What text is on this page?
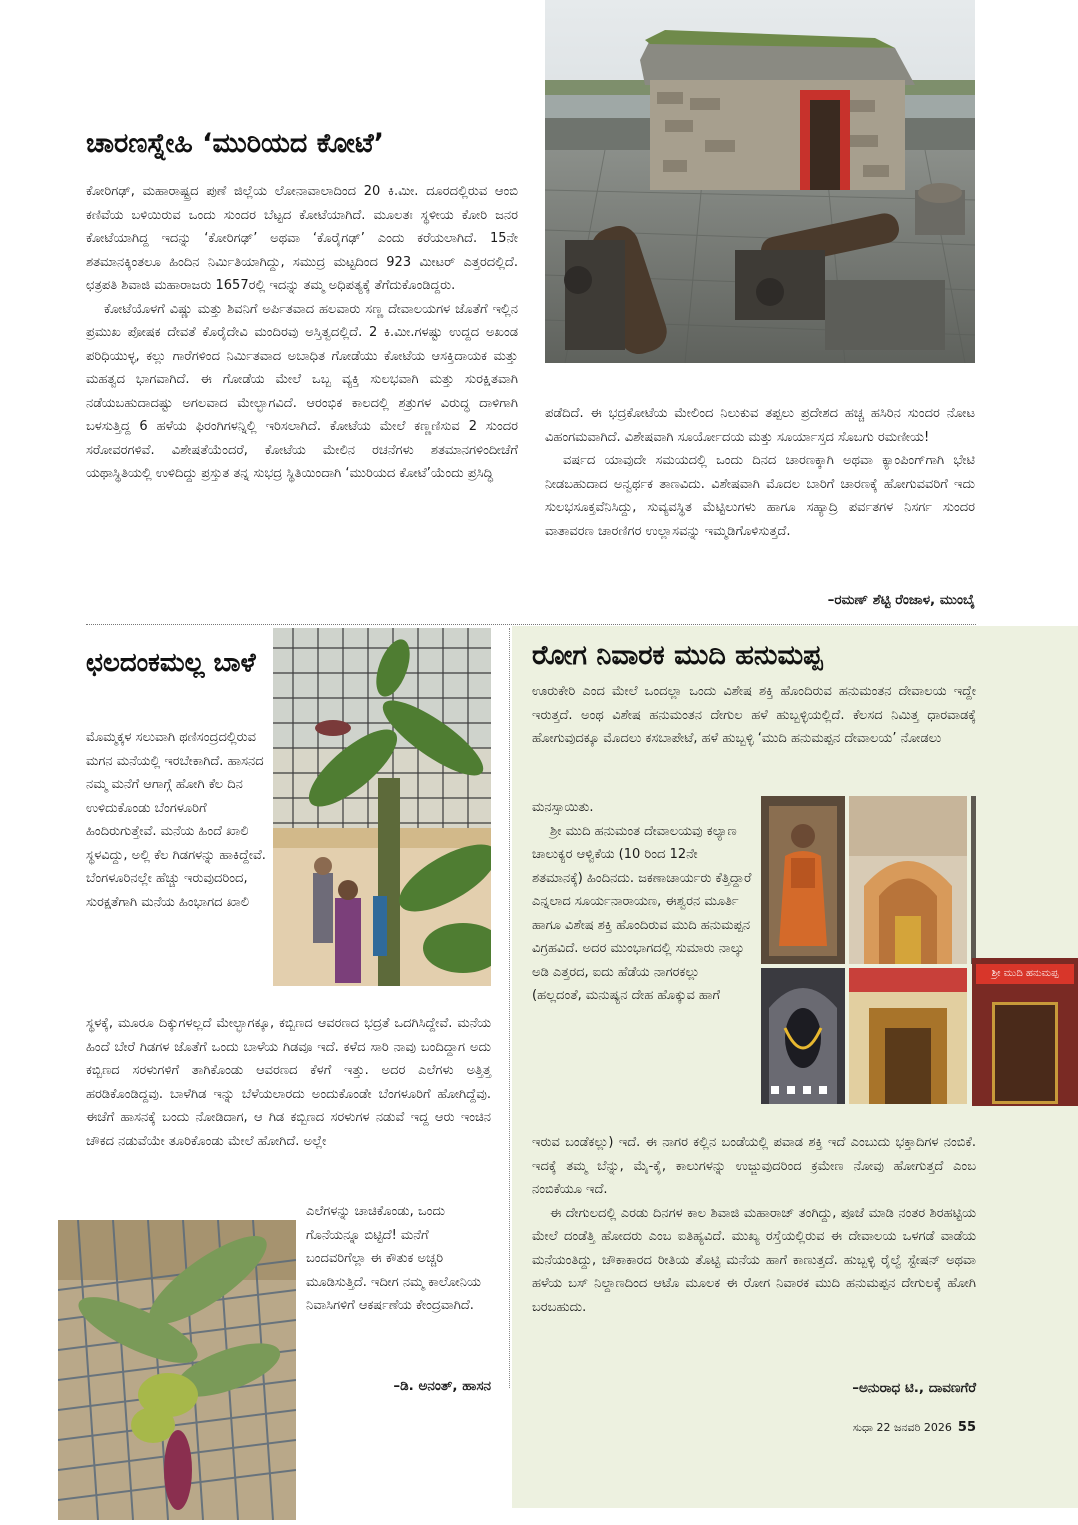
ಚಾರಣಸ್ನೇಹಿ ‘ಮುರಿಯದ ಕೋಟೆ’

ಕೋರಿಗಢ್, ಮಹಾರಾಷ್ಟ್ರದ ಪುಣೆ ಜಿಲ್ಲೆಯ ಲೋನಾವಾಲಾದಿಂದ 20 ಕಿ.ಮೀ. ದೂರದಲ್ಲಿರುವ ಆಂಬಿ ಕಣಿವೆಯ ಬಳಿಯಿರುವ ಒಂದು ಸುಂದರ ಬೆಟ್ಟದ ಕೋಟೆಯಾಗಿದೆ. ಮೂಲತಃ ಸ್ಥಳೀಯ ಕೋರಿ ಜನರ ಕೋಟೆಯಾಗಿದ್ದ ಇದನ್ನು ‘ಕೋರಿಗಢ್’ ಅಥವಾ ‘ಕೊರೈಗಢ್’ ಎಂದು ಕರೆಯಲಾಗಿದೆ. 15ನೇ ಶತಮಾನಕ್ಕಿಂತಲೂ ಹಿಂದಿನ ನಿರ್ಮಿತಿಯಾಗಿದ್ದು, ಸಮುದ್ರ ಮಟ್ಟದಿಂದ 923 ಮೀಟರ್ ಎತ್ತರದಲ್ಲಿದೆ. ಛತ್ರಪತಿ ಶಿವಾಜಿ ಮಹಾರಾಜರು 1657ರಲ್ಲಿ ಇದನ್ನು ತಮ್ಮ ಅಧಿಪತ್ಯಕ್ಕೆ ತೆಗೆದುಕೊಂಡಿದ್ದರು.

ಕೋಟೆಯೊಳಗೆ ವಿಷ್ಣು ಮತ್ತು ಶಿವನಿಗೆ ಅರ್ಪಿತವಾದ ಹಲವಾರು ಸಣ್ಣ ದೇವಾಲಯಗಳ ಜೊತೆಗೆ ಇಲ್ಲಿನ ಪ್ರಮುಖ ಪೋಷಕ ದೇವತೆ ಕೊರೈದೇವಿ ಮಂದಿರವು ಅಸ್ತಿತ್ವದಲ್ಲಿದೆ. 2 ಕಿ.ಮೀ.ಗಳಷ್ಟು ಉದ್ದದ ಅಖಂಡ ಪರಿಧಿಯುಳ್ಳ, ಕಲ್ಲು ಗಾರೆಗಳಿಂದ ನಿರ್ಮಿತವಾದ ಅಬಾಧಿತ ಗೋಡೆಯು ಕೋಟೆಯ ಆಸಕ್ತಿದಾಯಕ ಮತ್ತು ಮಹತ್ವದ ಭಾಗವಾಗಿದೆ. ಈ ಗೋಡೆಯ ಮೇಲೆ ಒಬ್ಬ ವ್ಯಕ್ತಿ ಸುಲಭವಾಗಿ ಮತ್ತು ಸುರಕ್ಷಿತವಾಗಿ ನಡೆಯಬಹುದಾದಷ್ಟು ಅಗಲವಾದ ಮೇಲ್ಭಾಗವಿದೆ. ಆರಂಭಿಕ ಕಾಲದಲ್ಲಿ ಶತ್ರುಗಳ ವಿರುದ್ಧ ದಾಳಿಗಾಗಿ ಬಳಸುತ್ತಿದ್ದ 6 ಹಳೆಯ ಫಿರಂಗಿಗಳನ್ನಿಲ್ಲಿ ಇರಿಸಲಾಗಿದೆ. ಕೋಟೆಯ ಮೇಲೆ ಕಣ್ಣಣಿಸುವ 2 ಸುಂದರ ಸರೋವರಗಳಿವೆ. ವಿಶೇಷತೆಯೆಂದರೆ, ಕೋಟೆಯ ಮೇಲಿನ ರಚನೆಗಳು ಶತಮಾನಗಳಿಂದೀಚೆಗೆ ಯಥಾಸ್ಥಿತಿಯಲ್ಲಿ ಉಳಿದಿದ್ದು ಪ್ರಸ್ತುತ ತನ್ನ ಸುಭದ್ರ ಸ್ಥಿತಿಯಿಂದಾಗಿ ‘ಮುರಿಯದ ಕೋಟೆ’ಯೆಂದು ಪ್ರಸಿದ್ಧಿ

ಪಡೆದಿದೆ. ಈ ಭದ್ರಕೋಟೆಯ ಮೇಲಿಂದ ನಿಲುಕುವ ತಪ್ಪಲು ಪ್ರದೇಶದ ಹಚ್ಚ ಹಸಿರಿನ ಸುಂದರ ನೋಟ ವಿಹಂಗಮವಾಗಿದೆ. ವಿಶೇಷವಾಗಿ ಸೂರ್ಯೋದಯ ಮತ್ತು ಸೂರ್ಯಾಸ್ತದ ಸೊಬಗು ರಮಣೀಯ!

ವರ್ಷದ ಯಾವುದೇ ಸಮಯದಲ್ಲಿ ಒಂದು ದಿನದ ಚಾರಣಕ್ಕಾಗಿ ಅಥವಾ ಕ್ಯಾಂಪಿಂಗ್‌ಗಾಗಿ ಭೇಟಿ ನೀಡಬಹುದಾದ ಅನ್ವರ್ಥಕ ತಾಣವಿದು. ವಿಶೇಷವಾಗಿ ಮೊದಲ ಬಾರಿಗೆ ಚಾರಣಕ್ಕೆ ಹೋಗುವವರಿಗೆ ಇದು ಸುಲಭಸೂಕ್ತವೆನಿಸಿದ್ದು, ಸುವ್ಯವಸ್ಥಿತ ಮೆಟ್ಟಿಲುಗಳು ಹಾಗೂ ಸಹ್ಯಾದ್ರಿ ಪರ್ವತಗಳ ನಿಸರ್ಗ ಸುಂದರ ವಾತಾವರಣ ಚಾರಣಿಗರ ಉಲ್ಲಾಸವನ್ನು ಇಮ್ಮಡಿಗೊಳಿಸುತ್ತದೆ.

–ರಮಣ್ ಶೆಟ್ಟಿ ರೆಂಜಾಳ, ಮುಂಬೈ
ಛಲದಂಕಮಲ್ಲ ಬಾಳೆ

ಮೊಮ್ಮಕ್ಕಳ ಸಲುವಾಗಿ ಥಣಿಸಂದ್ರದಲ್ಲಿರುವ ಮಗನ ಮನೆಯಲ್ಲಿ ಇರಬೇಕಾಗಿದೆ. ಹಾಸನದ ನಮ್ಮ ಮನೆಗೆ ಆಗಾಗ್ಗೆ ಹೋಗಿ ಕೆಲ ದಿನ ಉಳಿದುಕೊಂಡು ಬೆಂಗಳೂರಿಗೆ ಹಿಂದಿರುಗುತ್ತೇವೆ. ಮನೆಯ ಹಿಂದೆ ಖಾಲಿ ಸ್ಥಳವಿದ್ದು, ಅಲ್ಲಿ ಕೆಲ ಗಿಡಗಳನ್ನು ಹಾಕಿದ್ದೇವೆ. ಬೆಂಗಳೂರಿನಲ್ಲೇ ಹೆಚ್ಚು ಇರುವುದರಿಂದ, ಸುರಕ್ಷತೆಗಾಗಿ ಮನೆಯ ಹಿಂಭಾಗದ ಖಾಲಿ

ಸ್ಥಳಕ್ಕೆ, ಮೂರೂ ದಿಕ್ಕುಗಳಲ್ಲದೆ ಮೇಲ್ಭಾಗಕ್ಕೂ, ಕಬ್ಬಿಣದ ಆವರಣದ ಭದ್ರತೆ ಒದಗಿಸಿದ್ದೇವೆ. ಮನೆಯ ಹಿಂದೆ ಬೇರೆ ಗಿಡಗಳ ಜೊತೆಗೆ ಒಂದು ಬಾಳೆಯ ಗಿಡವೂ ಇದೆ. ಕಳೆದ ಸಾರಿ ನಾವು ಬಂದಿದ್ದಾಗ ಅದು ಕಬ್ಬಿಣದ ಸರಳುಗಳಿಗೆ ತಾಗಿಕೊಂಡು ಆವರಣದ ಕೆಳಗೆ ಇತ್ತು. ಅದರ ಎಲೆಗಳು ಅತ್ತಿತ್ತ ಹರಡಿಕೊಂಡಿದ್ದವು. ಬಾಳೆಗಿಡ ಇನ್ನು ಬೆಳೆಯಲಾರದು ಅಂದುಕೊಂಡೇ ಬೆಂಗಳೂರಿಗೆ ಹೋಗಿದ್ದೆವು. ಈಚೆಗೆ ಹಾಸನಕ್ಕೆ ಬಂದು ನೋಡಿದಾಗ, ಆ ಗಿಡ ಕಬ್ಬಿಣದ ಸರಳುಗಳ ನಡುವೆ ಇದ್ದ ಆರು ಇಂಚಿನ ಚೌಕದ ನಡುವೆಯೇ ತೂರಿಕೊಂಡು ಮೇಲೆ ಹೋಗಿದೆ. ಅಲ್ಲೇ

ಎಲೆಗಳನ್ನು ಚಾಚಿಕೊಂಡು, ಒಂದು ಗೊನೆಯನ್ನೂ ಬಿಟ್ಟಿದೆ! ಮನೆಗೆ ಬಂದವರಿಗೆಲ್ಲಾ ಈ ಕೌತುಕ ಅಚ್ಚರಿ ಮೂಡಿಸುತ್ತಿದೆ. ಇದೀಗ ನಮ್ಮ ಕಾಲೋನಿಯ ನಿವಾಸಿಗಳಿಗೆ ಆಕರ್ಷಣೆಯ ಕೇಂದ್ರವಾಗಿದೆ.

–ಡಿ. ಅನಂತ್, ಹಾಸನ
ರೋಗ ನಿವಾರಕ ಮುದಿ ಹನುಮಪ್ಪ

ಊರುಕೇರಿ ಎಂದ ಮೇಲೆ ಒಂದಲ್ಲಾ ಒಂದು ವಿಶೇಷ ಶಕ್ತಿ ಹೊಂದಿರುವ ಹನುಮಂತನ ದೇವಾಲಯ ಇದ್ದೇ ಇರುತ್ತದೆ. ಅಂಥ ವಿಶೇಷ ಹನುಮಂತನ ದೇಗುಲ ಹಳೆ ಹುಬ್ಬಳ್ಳಿಯಲ್ಲಿದೆ. ಕೆಲಸದ ನಿಮಿತ್ತ ಧಾರವಾಡಕ್ಕೆ ಹೋಗುವುದಕ್ಕೂ ಮೊದಲು ಕಸಬಾಪೇಟೆ, ಹಳೆ ಹುಬ್ಬಳ್ಳಿ ‘ಮುದಿ ಹನುಮಪ್ಪನ ದೇವಾಲಯ’ ನೋಡಲು

ಮನಸ್ಸಾಯಿತು.

ಶ್ರೀ ಮುದಿ ಹನುಮಂತ ದೇವಾಲಯವು ಕಲ್ಯಾಣ ಚಾಲುಕ್ಯರ ಆಳ್ವಿಕೆಯ (10 ರಿಂದ 12ನೇ ಶತಮಾನಕ್ಕೆ) ಹಿಂದಿನದು. ಜಕಣಾಚಾರ್ಯರು ಕೆತ್ತಿದ್ದಾರೆ ಎನ್ನಲಾದ ಸೂರ್ಯನಾರಾಯಣ, ಈಶ್ವರನ ಮೂರ್ತಿ ಹಾಗೂ ವಿಶೇಷ ಶಕ್ತಿ ಹೊಂದಿರುವ ಮುದಿ ಹನುಮಪ್ಪನ ವಿಗ್ರಹವಿದೆ. ಅದರ ಮುಂಭಾಗದಲ್ಲಿ ಸುಮಾರು ನಾಲ್ಕು ಅಡಿ ಎತ್ತರದ, ಐದು ಹೆಡೆಯ ನಾಗರಕಲ್ಲು (ಹಲ್ಲದಂತೆ, ಮನುಷ್ಯನ ದೇಹ ಹೊಕ್ಕುವ ಹಾಗೆ

ಶ್ರೀ ಮುದಿ ಹನುಮಪ್ಪ

ಇರುವ ಬಂಡೆಕಲ್ಲು) ಇದೆ. ಈ ನಾಗರ ಕಲ್ಲಿನ ಬಂಡೆಯಲ್ಲಿ ಪವಾಡ ಶಕ್ತಿ ಇದೆ ಎಂಬುದು ಭಕ್ತಾದಿಗಳ ನಂಬಿಕೆ. ಇದಕ್ಕೆ ತಮ್ಮ ಬೆನ್ನು, ಮೈ-ಕೈ, ಕಾಲುಗಳನ್ನು ಉಜ್ಜುವುದರಿಂದ ಕ್ರಮೇಣ ನೋವು ಹೋಗುತ್ತದೆ ಎಂಬ ನಂಬಿಕೆಯೂ ಇದೆ.

ಈ ದೇಗುಲದಲ್ಲಿ ಎರಡು ದಿನಗಳ ಕಾಲ ಶಿವಾಜಿ ಮಹಾರಾಜ್ ತಂಗಿದ್ದು, ಪೂಜೆ ಮಾಡಿ ನಂತರ ಶಿರಹಟ್ಟಿಯ ಮೇಲೆ ದಂಡೆತ್ತಿ ಹೋದರು ಎಂಬ ಐತಿಹ್ಯವಿದೆ. ಮುಖ್ಯ ರಸ್ತೆಯಲ್ಲಿರುವ ಈ ದೇವಾಲಯ ಒಳಗಡೆ ವಾಡೆಯ ಮನೆಯಂತಿದ್ದು, ಚೌಕಾಕಾರದ ರೀತಿಯ ತೊಟ್ಟಿ ಮನೆಯ ಹಾಗೆ ಕಾಣುತ್ತದೆ. ಹುಬ್ಬಳ್ಳಿ ರೈಲ್ವೆ ಸ್ಟೇಷನ್ ಅಥವಾ ಹಳೆಯ ಬಸ್ ನಿಲ್ದಾಣದಿಂದ ಆಟೊ ಮೂಲಕ ಈ ರೋಗ ನಿವಾರಕ ಮುದಿ ಹನುಮಪ್ಪನ ದೇಗುಲಕ್ಕೆ ಹೋಗಿ ಬರಬಹುದು.

–ಅನುರಾಧ ಟಿ., ದಾವಣಗೆರೆ
ಸುಧಾ 22 ಜನವರಿ 2026 55
